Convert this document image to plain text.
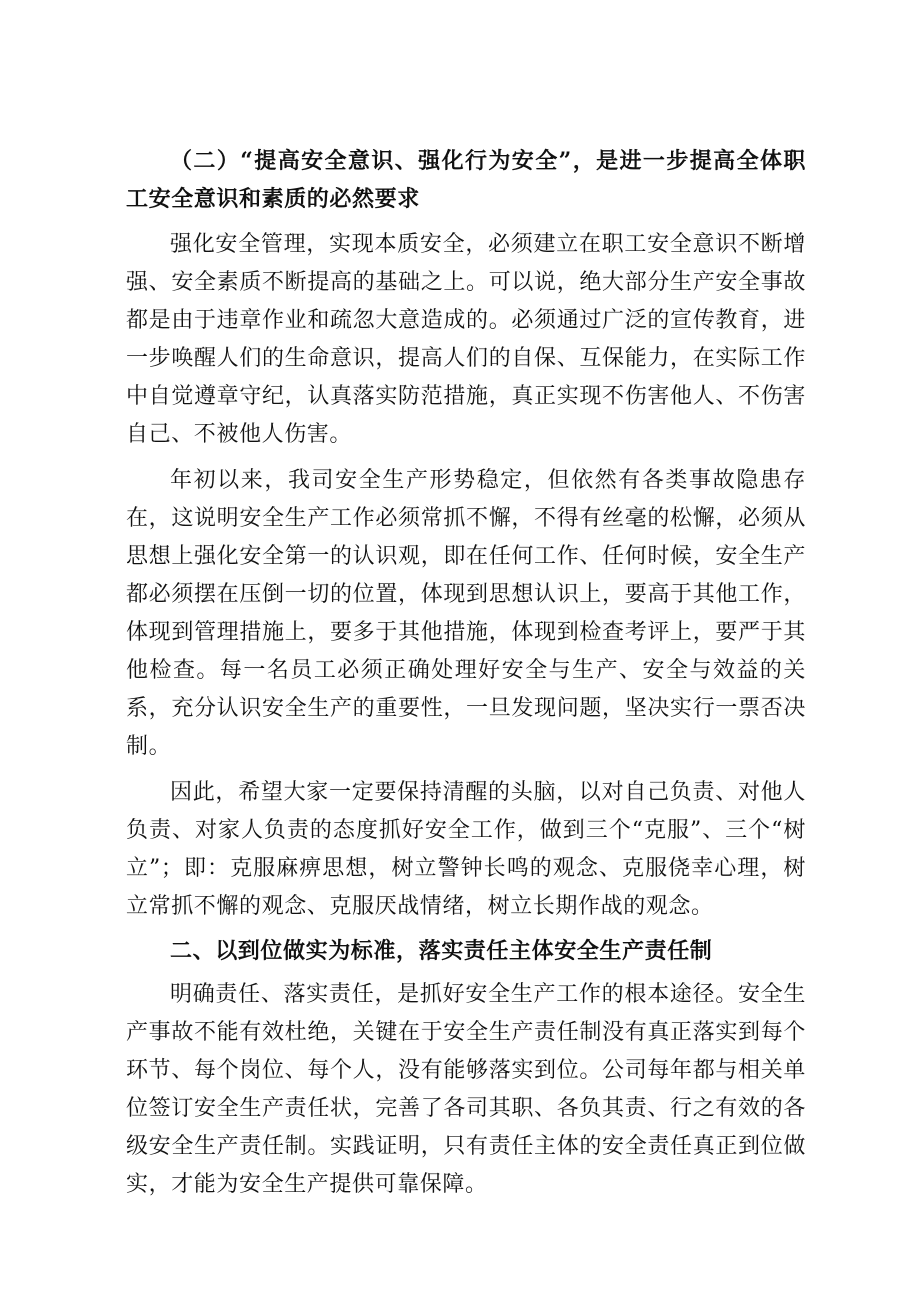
（二）“提高安全意识、强化行为安全”，是进一步提高全体职工安全意识和素质的必然要求

强化安全管理，实现本质安全，必须建立在职工安全意识不断增强、安全素质不断提高的基础之上。可以说，绝大部分生产安全事故都是由于违章作业和疏忽大意造成的。必须通过广泛的宣传教育，进一步唤醒人们的生命意识，提高人们的自保、互保能力，在实际工作中自觉遵章守纪，认真落实防范措施，真正实现不伤害他人、不伤害自己、不被他人伤害。

年初以来，我司安全生产形势稳定，但依然有各类事故隐患存在，这说明安全生产工作必须常抓不懈，不得有丝毫的松懈，必须从思想上强化安全第一的认识观，即在任何工作、任何时候，安全生产都必须摆在压倒一切的位置，体现到思想认识上，要高于其他工作，体现到管理措施上，要多于其他措施，体现到检查考评上，要严于其他检查。每一名员工必须正确处理好安全与生产、安全与效益的关系，充分认识安全生产的重要性，一旦发现问题，坚决实行一票否决制。

因此，希望大家一定要保持清醒的头脑，以对自己负责、对他人负责、对家人负责的态度抓好安全工作，做到三个“克服”、三个“树立”；即：克服麻痹思想，树立警钟长鸣的观念、克服侥幸心理，树立常抓不懈的观念、克服厌战情绪，树立长期作战的观念。

二、以到位做实为标准，落实责任主体安全生产责任制

明确责任、落实责任，是抓好安全生产工作的根本途径。安全生产事故不能有效杜绝，关键在于安全生产责任制没有真正落实到每个环节、每个岗位、每个人，没有能够落实到位。公司每年都与相关单位签订安全生产责任状，完善了各司其职、各负其责、行之有效的各级安全生产责任制。实践证明，只有责任主体的安全责任真正到位做实，才能为安全生产提供可靠保障。
